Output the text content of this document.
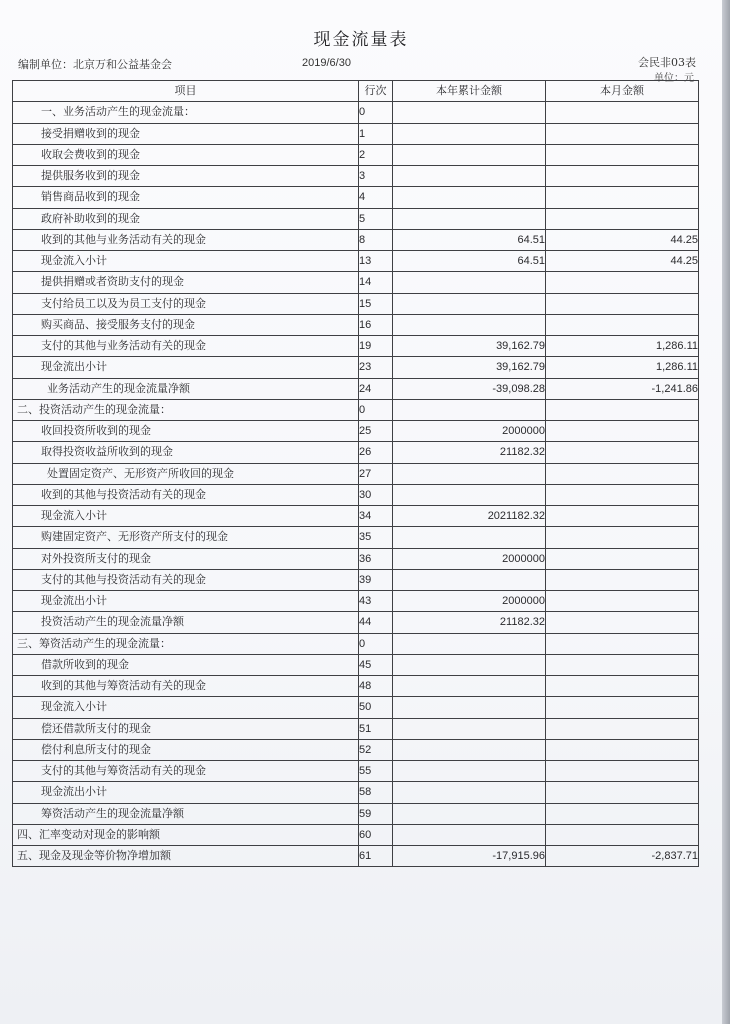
现金流量表
编制单位：北京万和公益基金会	2019/6/30	会民非03表
单位：元
项目	行次	本年累计金额	本月金额
一、业务活动产生的现金流量：	0		
接受捐赠收到的现金	1		
收取会费收到的现金	2		
提供服务收到的现金	3		
销售商品收到的现金	4		
政府补助收到的现金	5		
收到的其他与业务活动有关的现金	8	64.51	44.25
现金流入小计	13	64.51	44.25
提供捐赠或者资助支付的现金	14		
支付给员工以及为员工支付的现金	15		
购买商品、接受服务支付的现金	16		
支付的其他与业务活动有关的现金	19	39,162.79	1,286.11
现金流出小计	23	39,162.79	1,286.11
业务活动产生的现金流量净额	24	-39,098.28	-1,241.86
二、投资活动产生的现金流量：	0		
收回投资所收到的现金	25	2000000	
取得投资收益所收到的现金	26	21182.32	
处置固定资产、无形资产所收回的现金	27		
收到的其他与投资活动有关的现金	30		
现金流入小计	34	2021182.32	
购建固定资产、无形资产所支付的现金	35		
对外投资所支付的现金	36	2000000	
支付的其他与投资活动有关的现金	39		
现金流出小计	43	2000000	
投资活动产生的现金流量净额	44	21182.32	
三、筹资活动产生的现金流量：	0		
借款所收到的现金	45		
收到的其他与筹资活动有关的现金	48		
现金流入小计	50		
偿还借款所支付的现金	51		
偿付利息所支付的现金	52		
支付的其他与筹资活动有关的现金	55		
现金流出小计	58		
筹资活动产生的现金流量净额	59		
四、汇率变动对现金的影响额	60		
五、现金及现金等价物净增加额	61	-17,915.96	-2,837.71
